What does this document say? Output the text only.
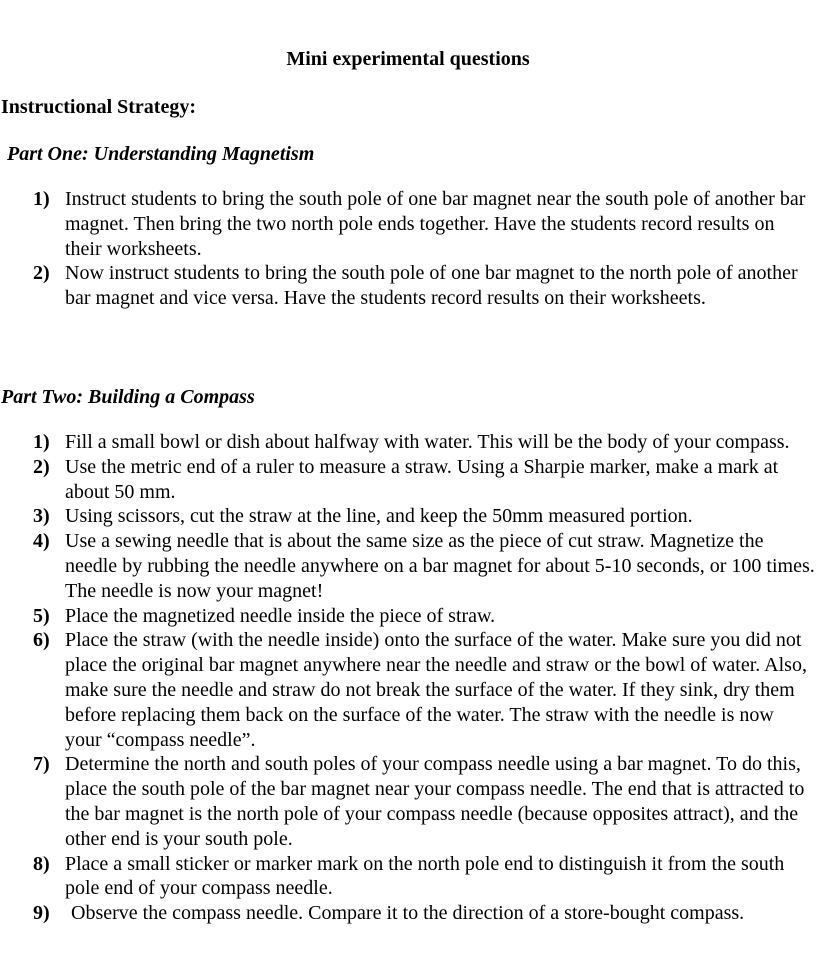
Mini experimental questions
Instructional Strategy:
Part One: Understanding Magnetism
1) Instruct students to bring the south pole of one bar magnet near the south pole of another bar magnet. Then bring the two north pole ends together. Have the students record results on their worksheets.
2) Now instruct students to bring the south pole of one bar magnet to the north pole of another bar magnet and vice versa. Have the students record results on their worksheets.
Part Two: Building a Compass
1) Fill a small bowl or dish about halfway with water. This will be the body of your compass.
2) Use the metric end of a ruler to measure a straw. Using a Sharpie marker, make a mark at about 50 mm.
3) Using scissors, cut the straw at the line, and keep the 50mm measured portion.
4) Use a sewing needle that is about the same size as the piece of cut straw. Magnetize the needle by rubbing the needle anywhere on a bar magnet for about 5-10 seconds, or 100 times. The needle is now your magnet!
5) Place the magnetized needle inside the piece of straw.
6) Place the straw (with the needle inside) onto the surface of the water. Make sure you did not place the original bar magnet anywhere near the needle and straw or the bowl of water. Also, make sure the needle and straw do not break the surface of the water. If they sink, dry them before replacing them back on the surface of the water. The straw with the needle is now your “compass needle”.
7) Determine the north and south poles of your compass needle using a bar magnet. To do this, place the south pole of the bar magnet near your compass needle. The end that is attracted to the bar magnet is the north pole of your compass needle (because opposites attract), and the other end is your south pole.
8) Place a small sticker or marker mark on the north pole end to distinguish it from the south pole end of your compass needle.
9) Observe the compass needle. Compare it to the direction of a store-bought compass.
